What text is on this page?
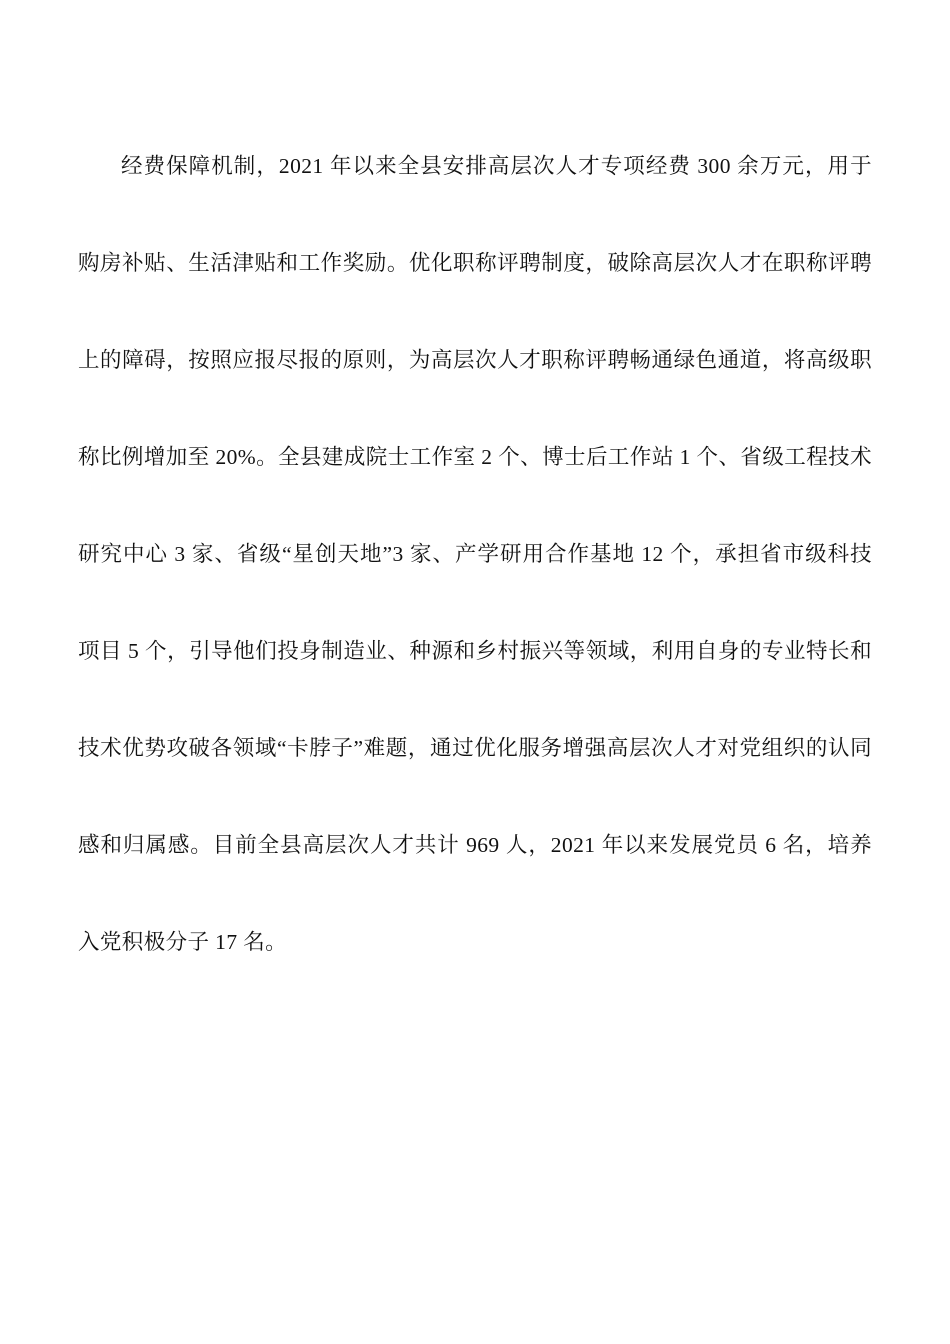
经费保障机制，2021 年以来全县安排高层次人才专项经费 300 余万元，用于购房补贴、生活津贴和工作奖励。优化职称评聘制度，破除高层次人才在职称评聘上的障碍，按照应报尽报的原则，为高层次人才职称评聘畅通绿色通道，将高级职称比例增加至 20%。全县建成院士工作室 2 个、博士后工作站 1 个、省级工程技术研究中心 3 家、省级“星创天地”3 家、产学研用合作基地 12 个，承担省市级科技项目 5 个，引导他们投身制造业、种源和乡村振兴等领域，利用自身的专业特长和技术优势攻破各领域“卡脖子”难题，通过优化服务增强高层次人才对党组织的认同感和归属感。目前全县高层次人才共计 969 人，2021 年以来发展党员 6 名，培养入党积极分子 17 名。
